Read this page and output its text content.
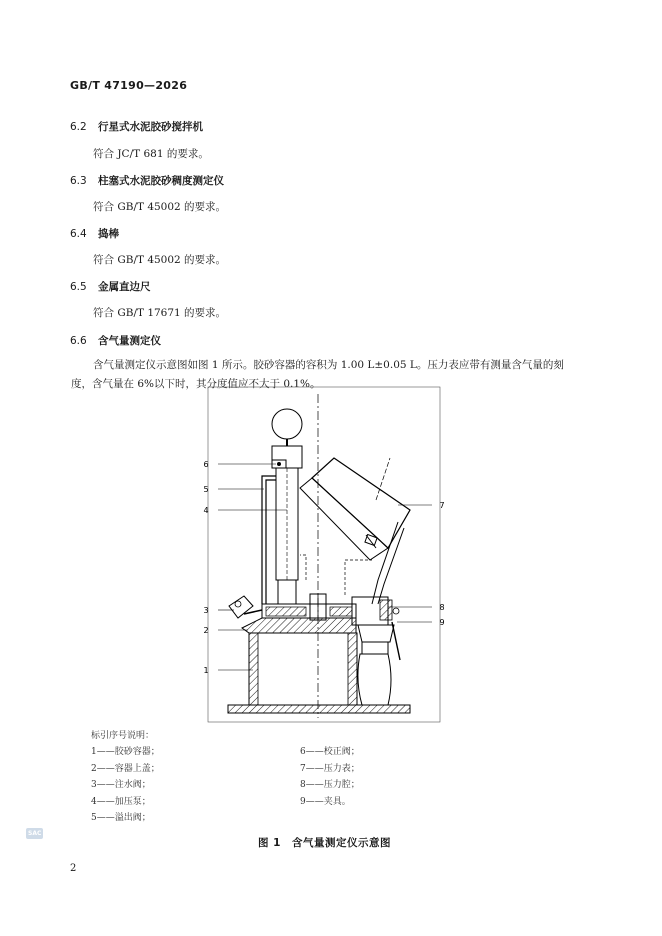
GB/T 47190—2026
6.2 行星式水泥胶砂搅拌机
符合 JC/T 681 的要求。
6.3 柱塞式水泥胶砂稠度测定仪
符合 GB/T 45002 的要求。
6.4 捣棒
符合 GB/T 45002 的要求。
6.5 金属直边尺
符合 GB/T 17671 的要求。
6.6 含气量测定仪
含气量测定仪示意图如图 1 所示。胶砂容器的容积为 1.00 L±0.05 L。压力表应带有测量含气量的刻度，含气量在 6%以下时，其分度值应不大于 0.1%。
6
5
4
3
2
1
7
8
9
标引序号说明：
1——胶砂容器；
2——容器上盖；
3——注水阀；
4——加压泵；
5——溢出阀；
6——校正阀；
7——压力表；
8——压力腔；
9——夹具。
图 1　含气量测定仪示意图
SAC
2
